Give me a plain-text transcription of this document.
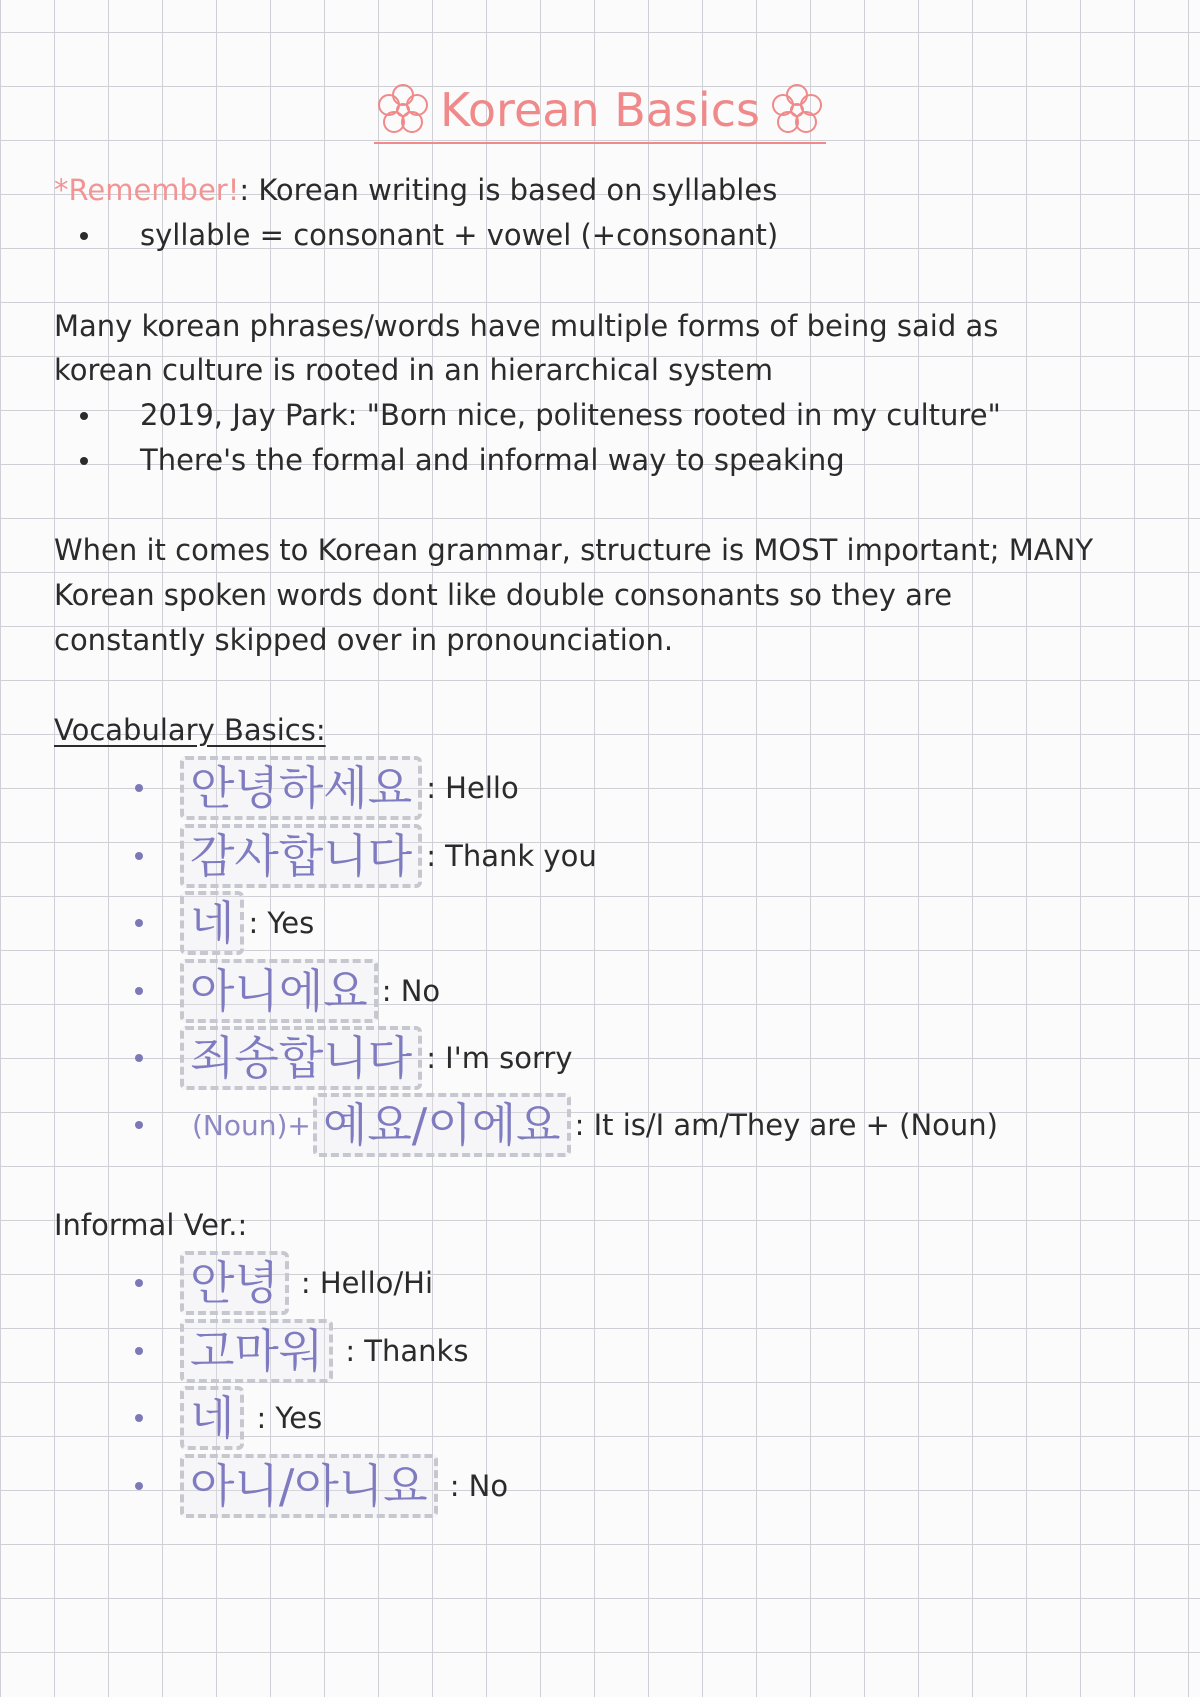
Korean Basics
*Remember!: Korean writing is based on syllables
syllable = consonant + vowel (+consonant)
Many korean phrases/words have multiple forms of being said as
korean culture is rooted in an hierarchical system
2019, Jay Park: "Born nice, politeness rooted in my culture"
There's the formal and informal way to speaking
When it comes to Korean grammar, structure is MOST important; MANY
Korean spoken words dont like double consonants so they are
constantly skipped over in pronounciation.
Vocabulary Basics:
안녕하세요 : Hello
감사합니다 : Thank you
네 : Yes
아니에요 : No
죄송합니다 : I'm sorry
(Noun)+ 예요/이에요 : It is/I am/They are + (Noun)
Informal Ver.:
안녕 : Hello/Hi
고마워 : Thanks
네 : Yes
아니/아니요 : No
